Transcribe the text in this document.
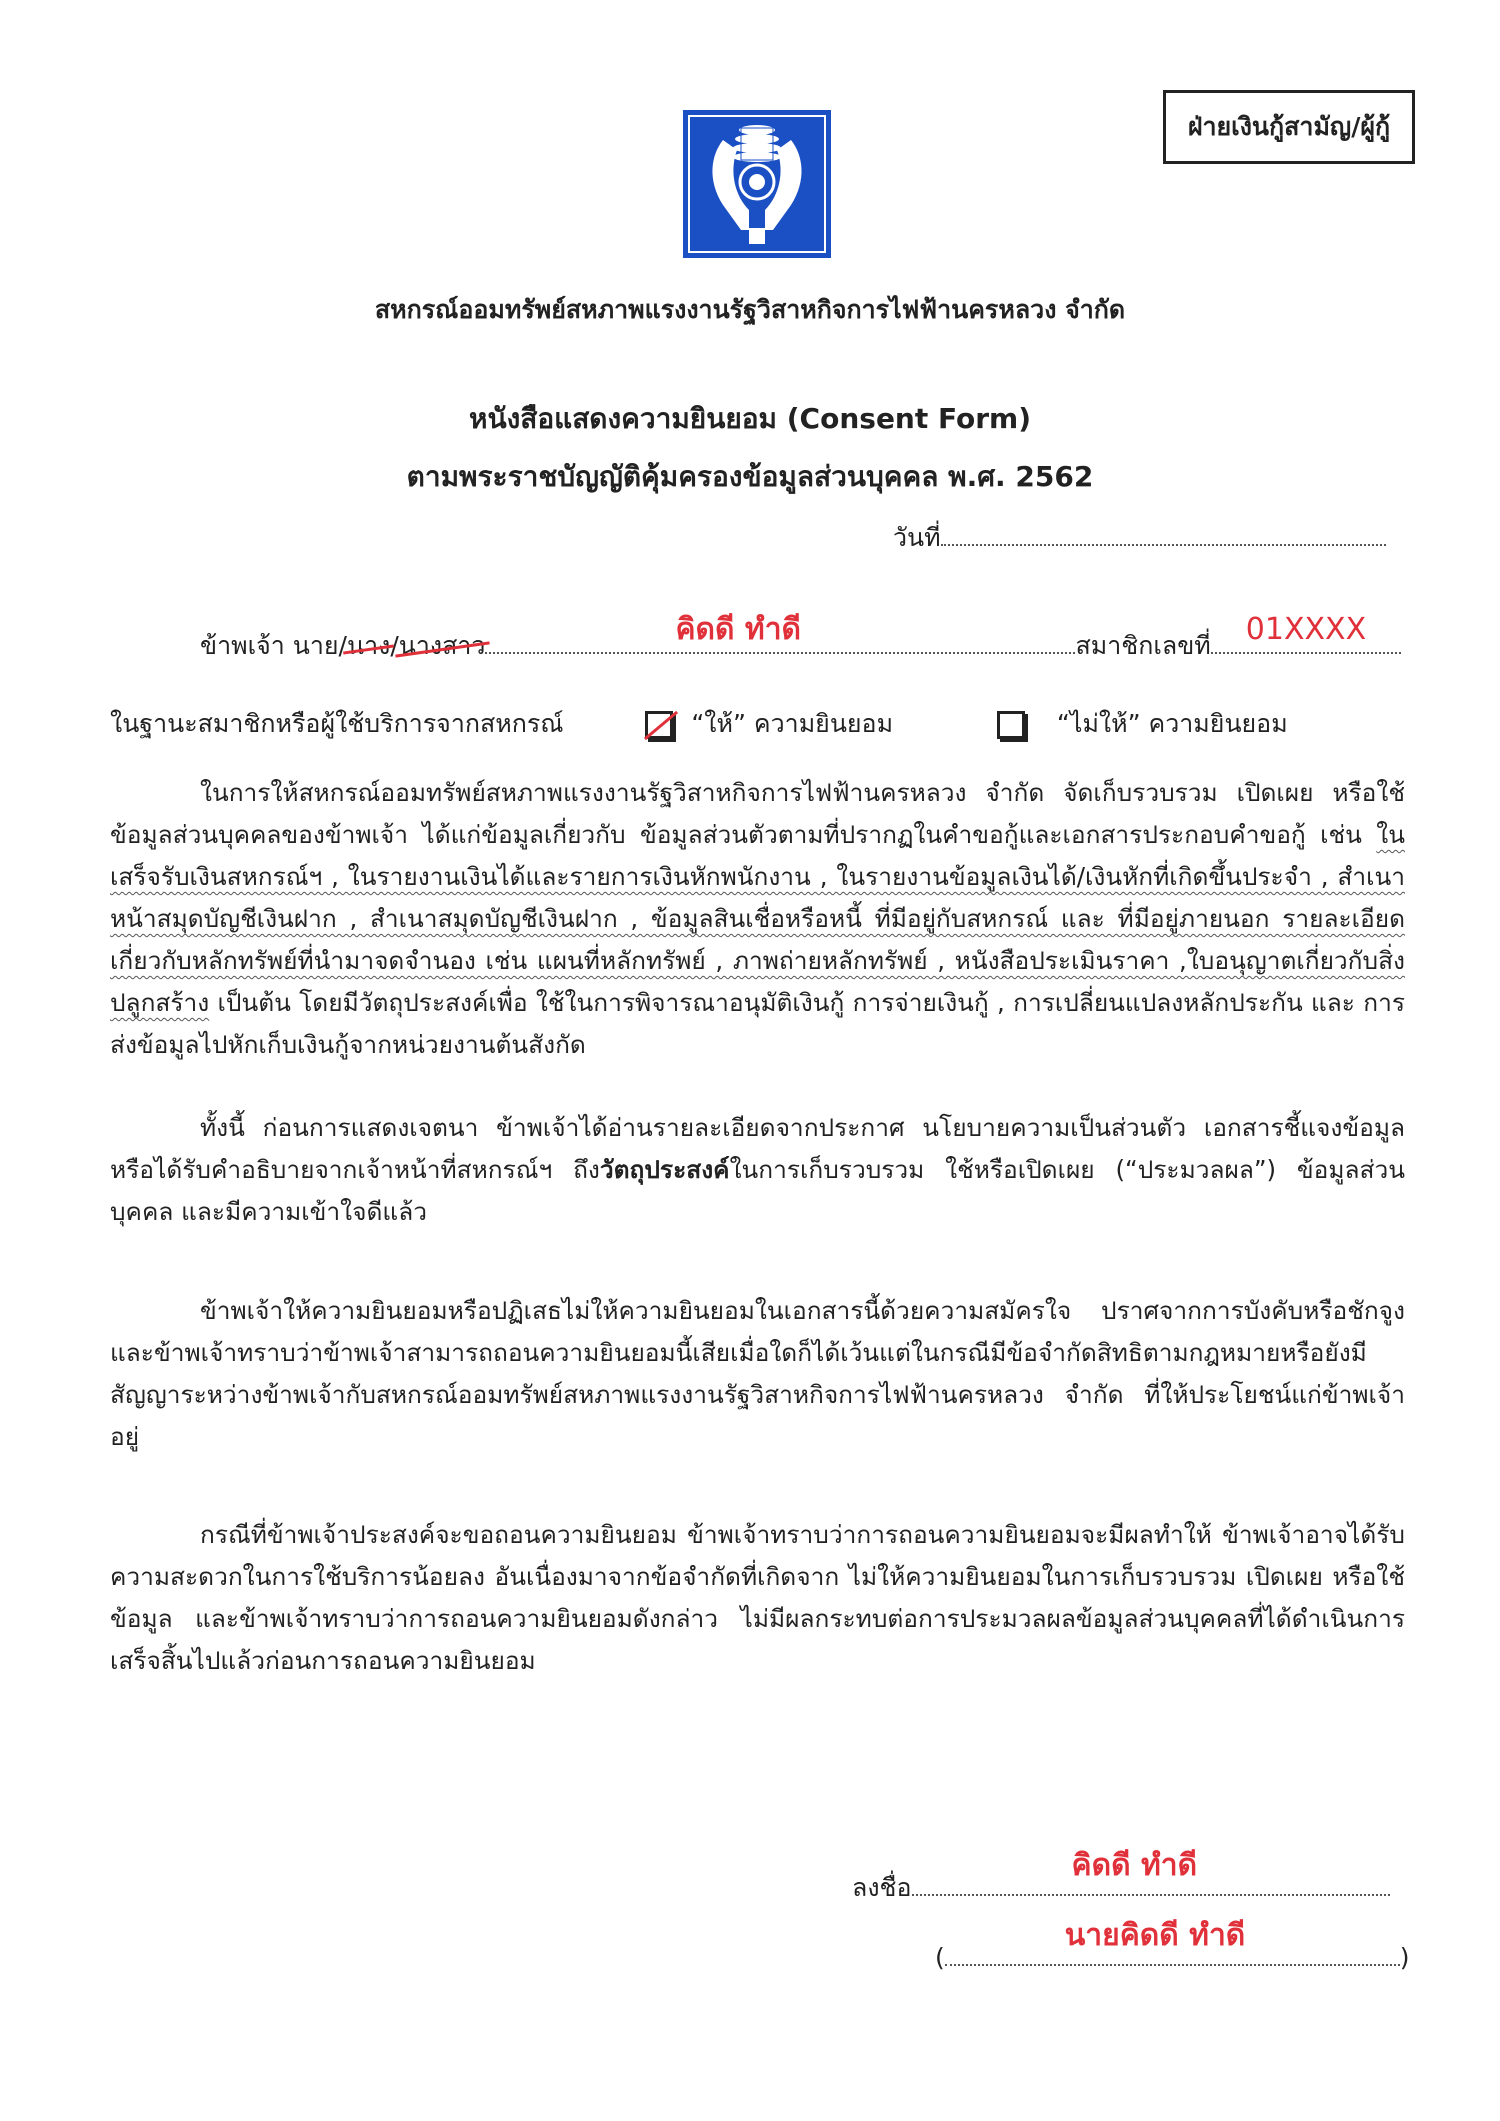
ฝ่ายเงินกู้สามัญ/ผู้กู้
สหกรณ์ออมทรัพย์สหภาพแรงงานรัฐวิสาหกิจการไฟฟ้านครหลวง จำกัด
หนังสือแสดงความยินยอม (Consent Form)
ตามพระราชบัญญัติคุ้มครองข้อมูลส่วนบุคคล พ.ศ. 2562
วันที่
ข้าพเจ้า นาย/นาง/นางสาว	คิดดี ทำดี	สมาชิกเลขที่ 01XXXX
ในฐานะสมาชิกหรือผู้ใช้บริการจากสหกรณ์	“ให้” ความยินยอม	“ไม่ให้” ความยินยอม
ในการให้สหกรณ์ออมทรัพย์สหภาพแรงงานรัฐวิสาหกิจการไฟฟ้านครหลวง จำกัด จัดเก็บรวบรวม เปิดเผย หรือใช้ข้อมูลส่วนบุคคลของข้าพเจ้า ได้แก่ข้อมูลเกี่ยวกับ ข้อมูลส่วนตัวตามที่ปรากฏในคำขอกู้และเอกสารประกอบคำขอกู้ เช่น ในเสร็จรับเงินสหกรณ์ฯ , ในรายงานเงินได้และรายการเงินหักพนักงาน , ในรายงานข้อมูลเงินได้/เงินหักที่เกิดขึ้นประจำ , สำเนาหน้าสมุดบัญชีเงินฝาก , สำเนาสมุดบัญชีเงินฝาก , ข้อมูลสินเชื่อหรือหนี้ ที่มีอยู่กับสหกรณ์ และ ที่มีอยู่ภายนอก รายละเอียดเกี่ยวกับหลักทรัพย์ที่นำมาจดจำนอง เช่น แผนที่หลักทรัพย์ , ภาพถ่ายหลักทรัพย์ , หนังสือประเมินราคา ,ใบอนุญาตเกี่ยวกับสิ่งปลูกสร้าง เป็นต้น โดยมีวัตถุประสงค์เพื่อ ใช้ในการพิจารณาอนุมัติเงินกู้ การจ่ายเงินกู้ , การเปลี่ยนแปลงหลักประกัน และ การส่งข้อมูลไปหักเก็บเงินกู้จากหน่วยงานต้นสังกัด
ทั้งนี้ ก่อนการแสดงเจตนา ข้าพเจ้าได้อ่านรายละเอียดจากประกาศ นโยบายความเป็นส่วนตัว เอกสารชี้แจงข้อมูล หรือได้รับคำอธิบายจากเจ้าหน้าที่สหกรณ์ฯ ถึงวัตถุประสงค์ในการเก็บรวบรวม ใช้หรือเปิดเผย (“ประมวลผล”) ข้อมูลส่วนบุคคล และมีความเข้าใจดีแล้ว
ข้าพเจ้าให้ความยินยอมหรือปฏิเสธไม่ให้ความยินยอมในเอกสารนี้ด้วยความสมัครใจ ปราศจากการบังคับหรือชักจูง และข้าพเจ้าทราบว่าข้าพเจ้าสามารถถอนความยินยอมนี้เสียเมื่อใดก็ได้เว้นแต่ในกรณีมีข้อจำกัดสิทธิตามกฎหมายหรือยังมีสัญญาระหว่างข้าพเจ้ากับสหกรณ์ออมทรัพย์สหภาพแรงงานรัฐวิสาหกิจการไฟฟ้านครหลวง จำกัด ที่ให้ประโยชน์แก่ข้าพเจ้าอยู่
กรณีที่ข้าพเจ้าประสงค์จะขอถอนความยินยอม ข้าพเจ้าทราบว่าการถอนความยินยอมจะมีผลทำให้ ข้าพเจ้าอาจได้รับความสะดวกในการใช้บริการน้อยลง อันเนื่องมาจากข้อจำกัดที่เกิดจาก ไม่ให้ความยินยอมในการเก็บรวบรวม เปิดเผย หรือใช้ข้อมูล และข้าพเจ้าทราบว่าการถอนความยินยอมดังกล่าว ไม่มีผลกระทบต่อการประมวลผลข้อมูลส่วนบุคคลที่ได้ดำเนินการเสร็จสิ้นไปแล้วก่อนการถอนความยินยอม
ลงชื่อ
คิดดี ทำดี
(
นายคิดดี ทำดี
)
